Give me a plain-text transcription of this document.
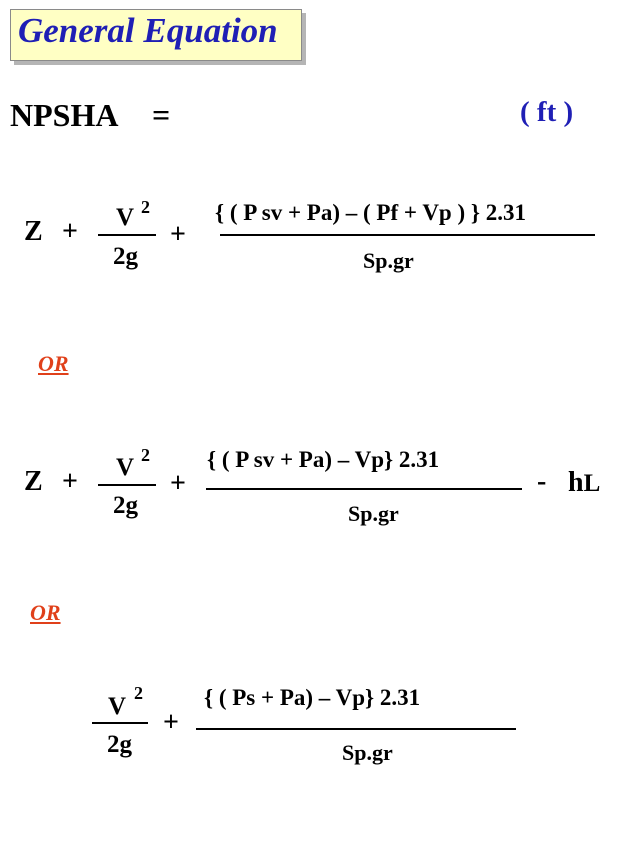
General Equation
NPSHA =	( ft )
Z + V 2
2g
+
{ ( P sv + Pa) – ( Pf + Vp ) } 2.31
Sp.gr
OR
Z + V 2
2g
+
{ ( P sv + Pa) – Vp} 2.31
Sp.gr
- hL
OR
V 2
2g
+
{ ( Ps + Pa) – Vp} 2.31
Sp.gr
